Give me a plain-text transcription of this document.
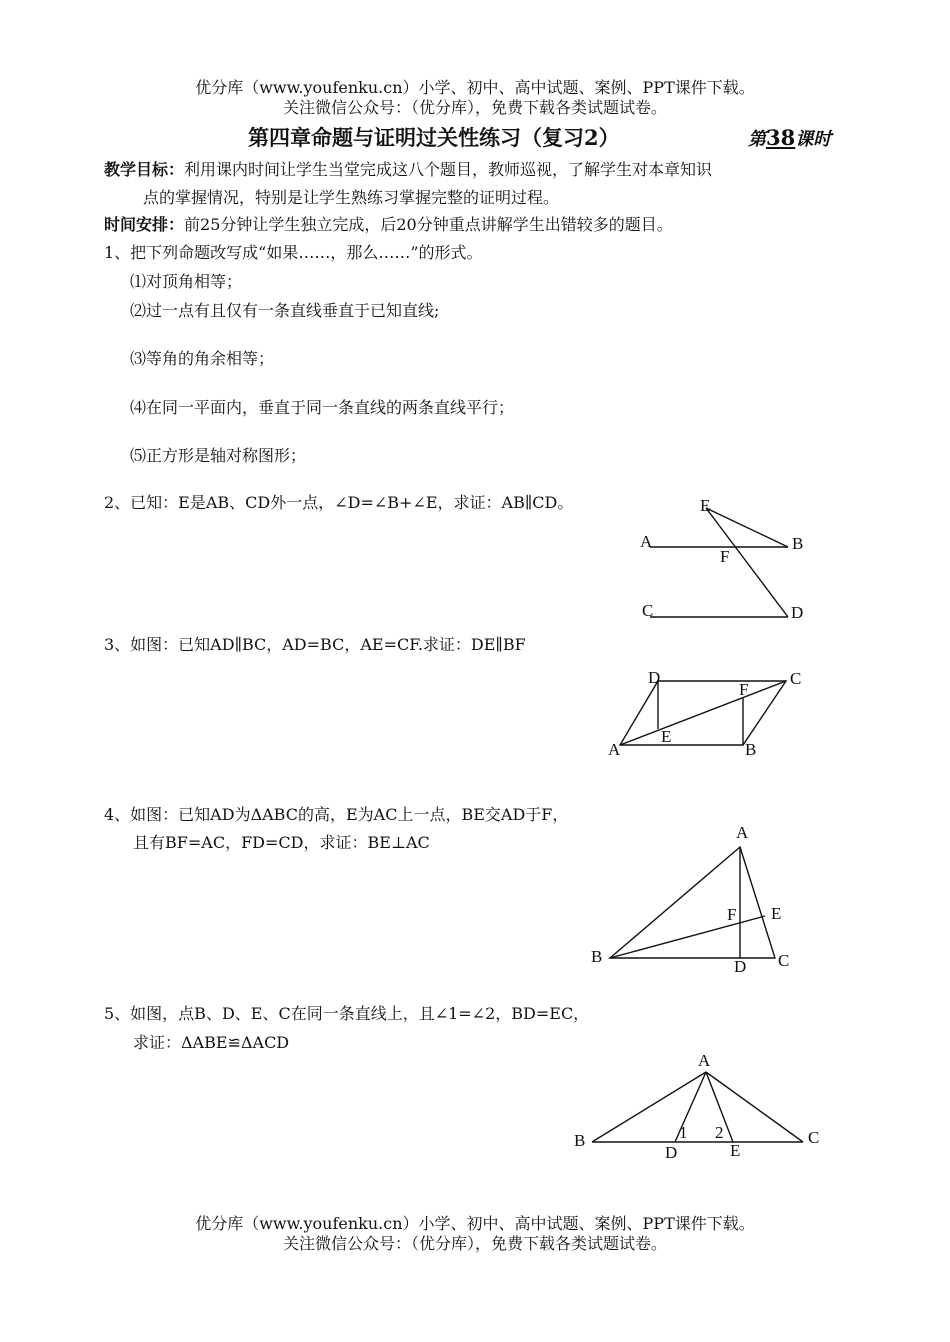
优分库（www.youfenku.cn）小学、初中、高中试题、案例、PPT课件下载。
关注微信公众号：（优分库），免费下载各类试题试卷。
第四章命题与证明过关性练习（复习2）	第38课时
教学目标：利用课内时间让学生当堂完成这八个题目，教师巡视，了解学生对本章知识
点的掌握情况，特别是让学生熟练习掌握完整的证明过程。
时间安排：前25分钟让学生独立完成，后20分钟重点讲解学生出错较多的题目。
1、把下列命题改写成“如果……，那么……”的形式。
⑴对顶角相等；
⑵过一点有且仅有一条直线垂直于已知直线;
⑶等角的角余相等；
⑷在同一平面内，垂直于同一条直线的两条直线平行；
⑸正方形是轴对称图形；
2、已知：E是AB、CD外一点，∠D=∠B+∠E，求证：AB∥CD。	E
A	B
F
C	D
3、如图：已知AD∥BC，AD=BC，AE=CF.求证：DE∥BF
D	C
F
E
A	B
4、如图：已知AD为ΔABC的高，E为AC上一点，BE交AD于F，
且有BF=AC，FD=CD，求证：BE⊥AC
A
F E
B
D C
5、如图，点B、D、E、C在同一条直线上，且∠1=∠2，BD=EC，
求证：ΔABE≌ΔACD
A
B	1 2
D	E
C
优分库（www.youfenku.cn）小学、初中、高中试题、案例、PPT课件下载。
关注微信公众号：（优分库），免费下载各类试题试卷。
